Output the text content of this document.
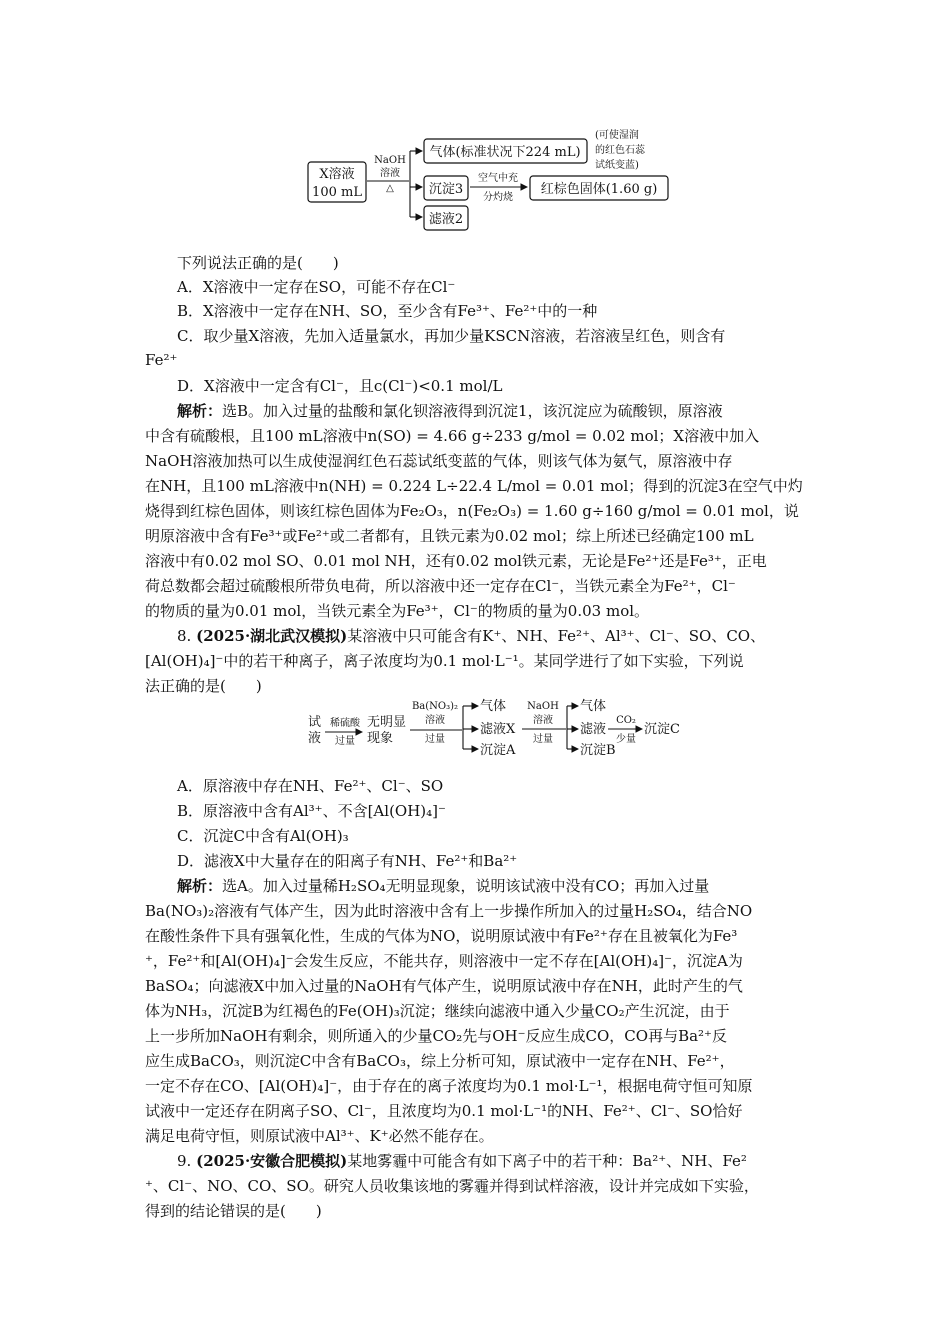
X溶液
100 mL
NaOH
溶液
△
气体(标准状况下224 mL)
(可使湿润
的红色石蕊
试纸变蓝)
沉淀3
空气中充
分灼烧
红棕色固体(1.60 g)
滤液2
下列说法正确的是(　　)
A．X溶液中一定存在SO，可能不存在Cl⁻
B．X溶液中一定存在NH、SO，至少含有Fe³⁺、Fe²⁺中的一种
C．取少量X溶液，先加入适量氯水，再加少量KSCN溶液，若溶液呈红色，则含有
Fe²⁺
D．X溶液中一定含有Cl⁻，且c(Cl⁻)<0.1 mol/L
解析：选B。加入过量的盐酸和氯化钡溶液得到沉淀1，该沉淀应为硫酸钡，原溶液
中含有硫酸根，且100 mL溶液中n(SO) = 4.66 g÷233 g/mol = 0.02 mol；X溶液中加入
NaOH溶液加热可以生成使湿润红色石蕊试纸变蓝的气体，则该气体为氨气，原溶液中存
在NH，且100 mL溶液中n(NH) = 0.224 L÷22.4 L/mol = 0.01 mol；得到的沉淀3在空气中灼
烧得到红棕色固体，则该红棕色固体为Fe₂O₃，n(Fe₂O₃) = 1.60 g÷160 g/mol = 0.01 mol，说
明原溶液中含有Fe³⁺或Fe²⁺或二者都有，且铁元素为0.02 mol；综上所述已经确定100 mL
溶液中有0.02 mol SO、0.01 mol NH，还有0.02 mol铁元素，无论是Fe²⁺还是Fe³⁺，正电
荷总数都会超过硫酸根所带负电荷，所以溶液中还一定存在Cl⁻，当铁元素全为Fe²⁺，Cl⁻
的物质的量为0.01 mol，当铁元素全为Fe³⁺，Cl⁻的物质的量为0.03 mol。
8. (2025·湖北武汉模拟)某溶液中只可能含有K⁺、NH、Fe²⁺、Al³⁺、Cl⁻、SO、CO、
[Al(OH)₄]⁻中的若干种离子，离子浓度均为0.1 mol·L⁻¹。某同学进行了如下实验，下列说
法正确的是(　　)
试
液
稀硫酸
过量
无明显
现象
Ba(NO₃)₂
溶液
过量
气体
滤液X
沉淀A
NaOH
溶液
过量
气体
滤液
沉淀B
CO₂
少量
沉淀C
A．原溶液中存在NH、Fe²⁺、Cl⁻、SO
B．原溶液中含有Al³⁺、不含[Al(OH)₄]⁻
C．沉淀C中含有Al(OH)₃
D．滤液X中大量存在的阳离子有NH、Fe²⁺和Ba²⁺
解析：选A。加入过量稀H₂SO₄无明显现象，说明该试液中没有CO；再加入过量
Ba(NO₃)₂溶液有气体产生，因为此时溶液中含有上一步操作所加入的过量H₂SO₄，结合NO
在酸性条件下具有强氧化性，生成的气体为NO，说明原试液中有Fe²⁺存在且被氧化为Fe³
⁺，Fe²⁺和[Al(OH)₄]⁻会发生反应，不能共存，则溶液中一定不存在[Al(OH)₄]⁻，沉淀A为
BaSO₄；向滤液X中加入过量的NaOH有气体产生，说明原试液中存在NH，此时产生的气
体为NH₃，沉淀B为红褐色的Fe(OH)₃沉淀；继续向滤液中通入少量CO₂产生沉淀，由于
上一步所加NaOH有剩余，则所通入的少量CO₂先与OH⁻反应生成CO，CO再与Ba²⁺反
应生成BaCO₃，则沉淀C中含有BaCO₃，综上分析可知，原试液中一定存在NH、Fe²⁺，
一定不存在CO、[Al(OH)₄]⁻，由于存在的离子浓度均为0.1 mol·L⁻¹，根据电荷守恒可知原
试液中一定还存在阴离子SO、Cl⁻，且浓度均为0.1 mol·L⁻¹的NH、Fe²⁺、Cl⁻、SO恰好
满足电荷守恒，则原试液中Al³⁺、K⁺必然不能存在。
9. (2025·安徽合肥模拟)某地雾霾中可能含有如下离子中的若干种：Ba²⁺、NH、Fe²
⁺、Cl⁻、NO、CO、SO。研究人员收集该地的雾霾并得到试样溶液，设计并完成如下实验，
得到的结论错误的是(　　)
